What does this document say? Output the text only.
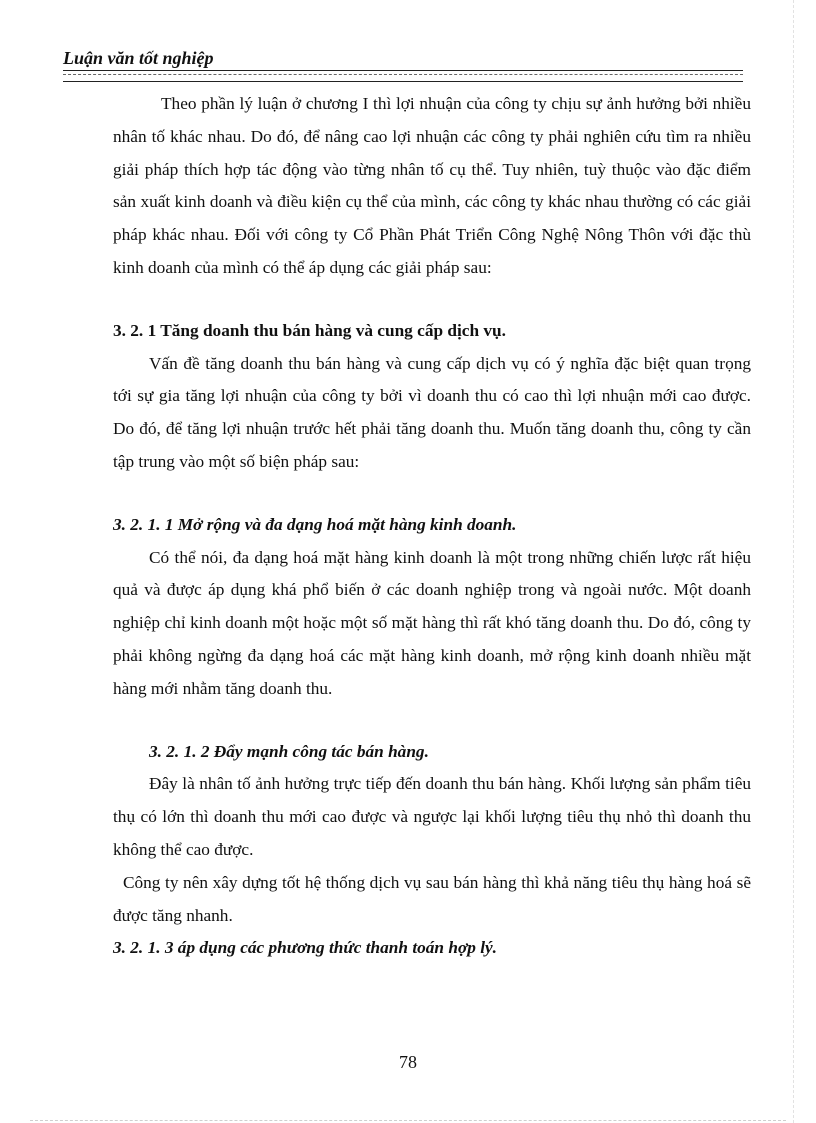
Luận văn tốt nghiệp

Theo phần lý luận ở chương I thì lợi nhuận của công ty chịu sự ảnh hưởng bởi nhiều nhân tố khác nhau. Do đó, để nâng cao lợi nhuận các công ty phải nghiên cứu tìm ra nhiều giải pháp thích hợp tác động vào từng nhân tố cụ thể. Tuy nhiên, tuỳ thuộc vào đặc điểm sản xuất kinh doanh và điều kiện cụ thể của mình, các công ty khác nhau thường có các giải pháp khác nhau. Đối với công ty Cổ Phần Phát Triển Công Nghệ Nông Thôn với đặc thù kinh doanh của mình có thể áp dụng các giải pháp sau:

3. 2. 1 Tăng doanh thu bán hàng và cung cấp dịch vụ.

Vấn đề tăng doanh thu bán hàng và cung cấp dịch vụ có ý nghĩa đặc biệt quan trọng tới sự gia tăng lợi nhuận của công ty bởi vì doanh thu có cao thì lợi nhuận mới cao được. Do đó, để tăng lợi nhuận trước hết phải tăng doanh thu. Muốn tăng doanh thu, công ty cần tập trung vào một số biện pháp sau:

3. 2. 1. 1 Mở rộng và đa dạng hoá mặt hàng kinh doanh.

Có thể nói, đa dạng hoá mặt hàng kinh doanh là một trong những chiến lược rất hiệu quả và được áp dụng khá phổ biến ở các doanh nghiệp trong và ngoài nước. Một doanh nghiệp chỉ kinh doanh một hoặc một số mặt hàng thì rất khó tăng doanh thu. Do đó, công ty phải không ngừng đa dạng hoá các mặt hàng kinh doanh, mở rộng kinh doanh nhiều mặt hàng mới nhằm tăng doanh thu.

3. 2. 1. 2 Đẩy mạnh công tác bán hàng.

Đây là nhân tố ảnh hưởng trực tiếp đến doanh thu bán hàng. Khối lượng sản phẩm tiêu thụ có lớn thì doanh thu mới cao được và ngược lại khối lượng tiêu thụ nhỏ thì doanh thu không thể cao được.

Công ty nên xây dựng tốt hệ thống dịch vụ sau bán hàng thì khả năng tiêu thụ hàng hoá sẽ được tăng nhanh.

3. 2. 1. 3 áp dụng các phương thức thanh toán hợp lý.

78
